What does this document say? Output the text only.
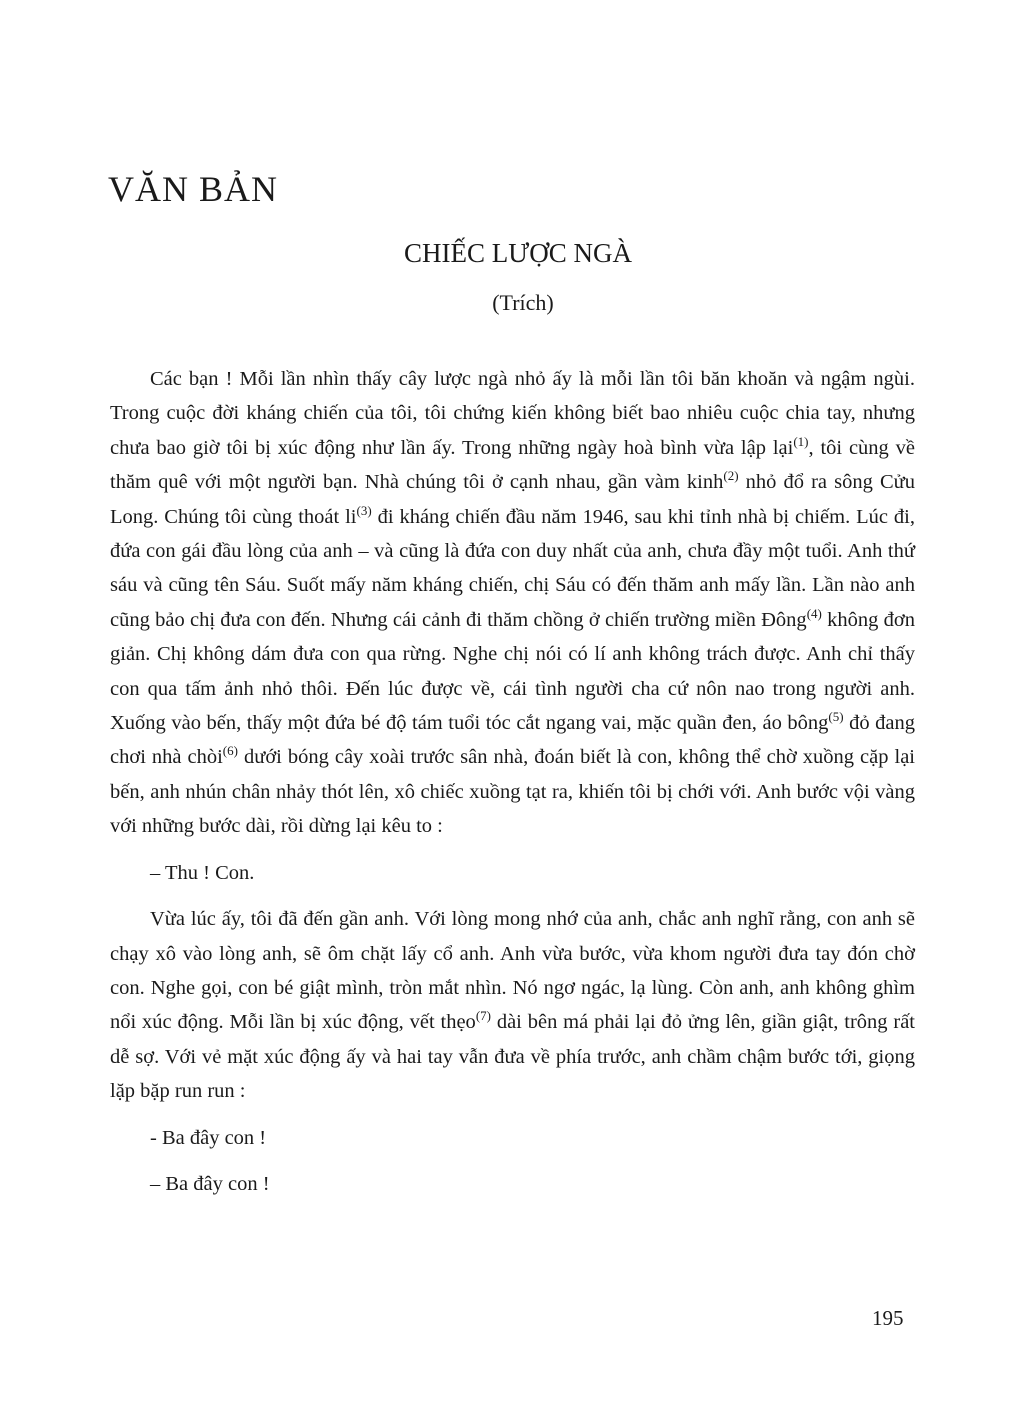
VĂN BẢN
CHIẾC LƯỢC NGÀ
(Trích)

Các bạn ! Mỗi lần nhìn thấy cây lược ngà nhỏ ấy là mỗi lần tôi băn khoăn và ngậm ngùi. Trong cuộc đời kháng chiến của tôi, tôi chứng kiến không biết bao nhiêu cuộc chia tay, nhưng chưa bao giờ tôi bị xúc động như lần ấy. Trong những ngày hoà bình vừa lập lại$^{(1)}$, tôi cùng về thăm quê với một người bạn. Nhà chúng tôi ở cạnh nhau, gần vàm kinh$^{(2)}$ nhỏ đổ ra sông Cửu Long. Chúng tôi cùng thoát li$^{(3)}$ đi kháng chiến đầu năm 1946, sau khi tỉnh nhà bị chiếm. Lúc đi, đứa con gái đầu lòng của anh – và cũng là đứa con duy nhất của anh, chưa đầy một tuổi. Anh thứ sáu và cũng tên Sáu. Suốt mấy năm kháng chiến, chị Sáu có đến thăm anh mấy lần. Lần nào anh cũng bảo chị đưa con đến. Nhưng cái cảnh đi thăm chồng ở chiến trường miền Đông$^{(4)}$ không đơn giản. Chị không dám đưa con qua rừng. Nghe chị nói có lí anh không trách được. Anh chỉ thấy con qua tấm ảnh nhỏ thôi. Đến lúc được về, cái tình người cha cứ nôn nao trong người anh. Xuống vào bến, thấy một đứa bé độ tám tuổi tóc cắt ngang vai, mặc quần đen, áo bông$^{(5)}$ đỏ đang chơi nhà chòi$^{(6)}$ dưới bóng cây xoài trước sân nhà, đoán biết là con, không thể chờ xuồng cặp lại bến, anh nhún chân nhảy thót lên, xô chiếc xuồng tạt ra, khiến tôi bị chới với. Anh bước vội vàng với những bước dài, rồi dừng lại kêu to :

– Thu ! Con.

Vừa lúc ấy, tôi đã đến gần anh. Với lòng mong nhớ của anh, chắc anh nghĩ rằng, con anh sẽ chạy xô vào lòng anh, sẽ ôm chặt lấy cổ anh. Anh vừa bước, vừa khom người đưa tay đón chờ con. Nghe gọi, con bé giật mình, tròn mắt nhìn. Nó ngơ ngác, lạ lùng. Còn anh, anh không ghìm nổi xúc động. Mỗi lần bị xúc động, vết thẹo$^{(7)}$ dài bên má phải lại đỏ ửng lên, giần giật, trông rất dễ sợ. Với vẻ mặt xúc động ấy và hai tay vẫn đưa về phía trước, anh chầm chậm bước tới, giọng lặp bặp run run :

- Ba đây con !

– Ba đây con !

195
